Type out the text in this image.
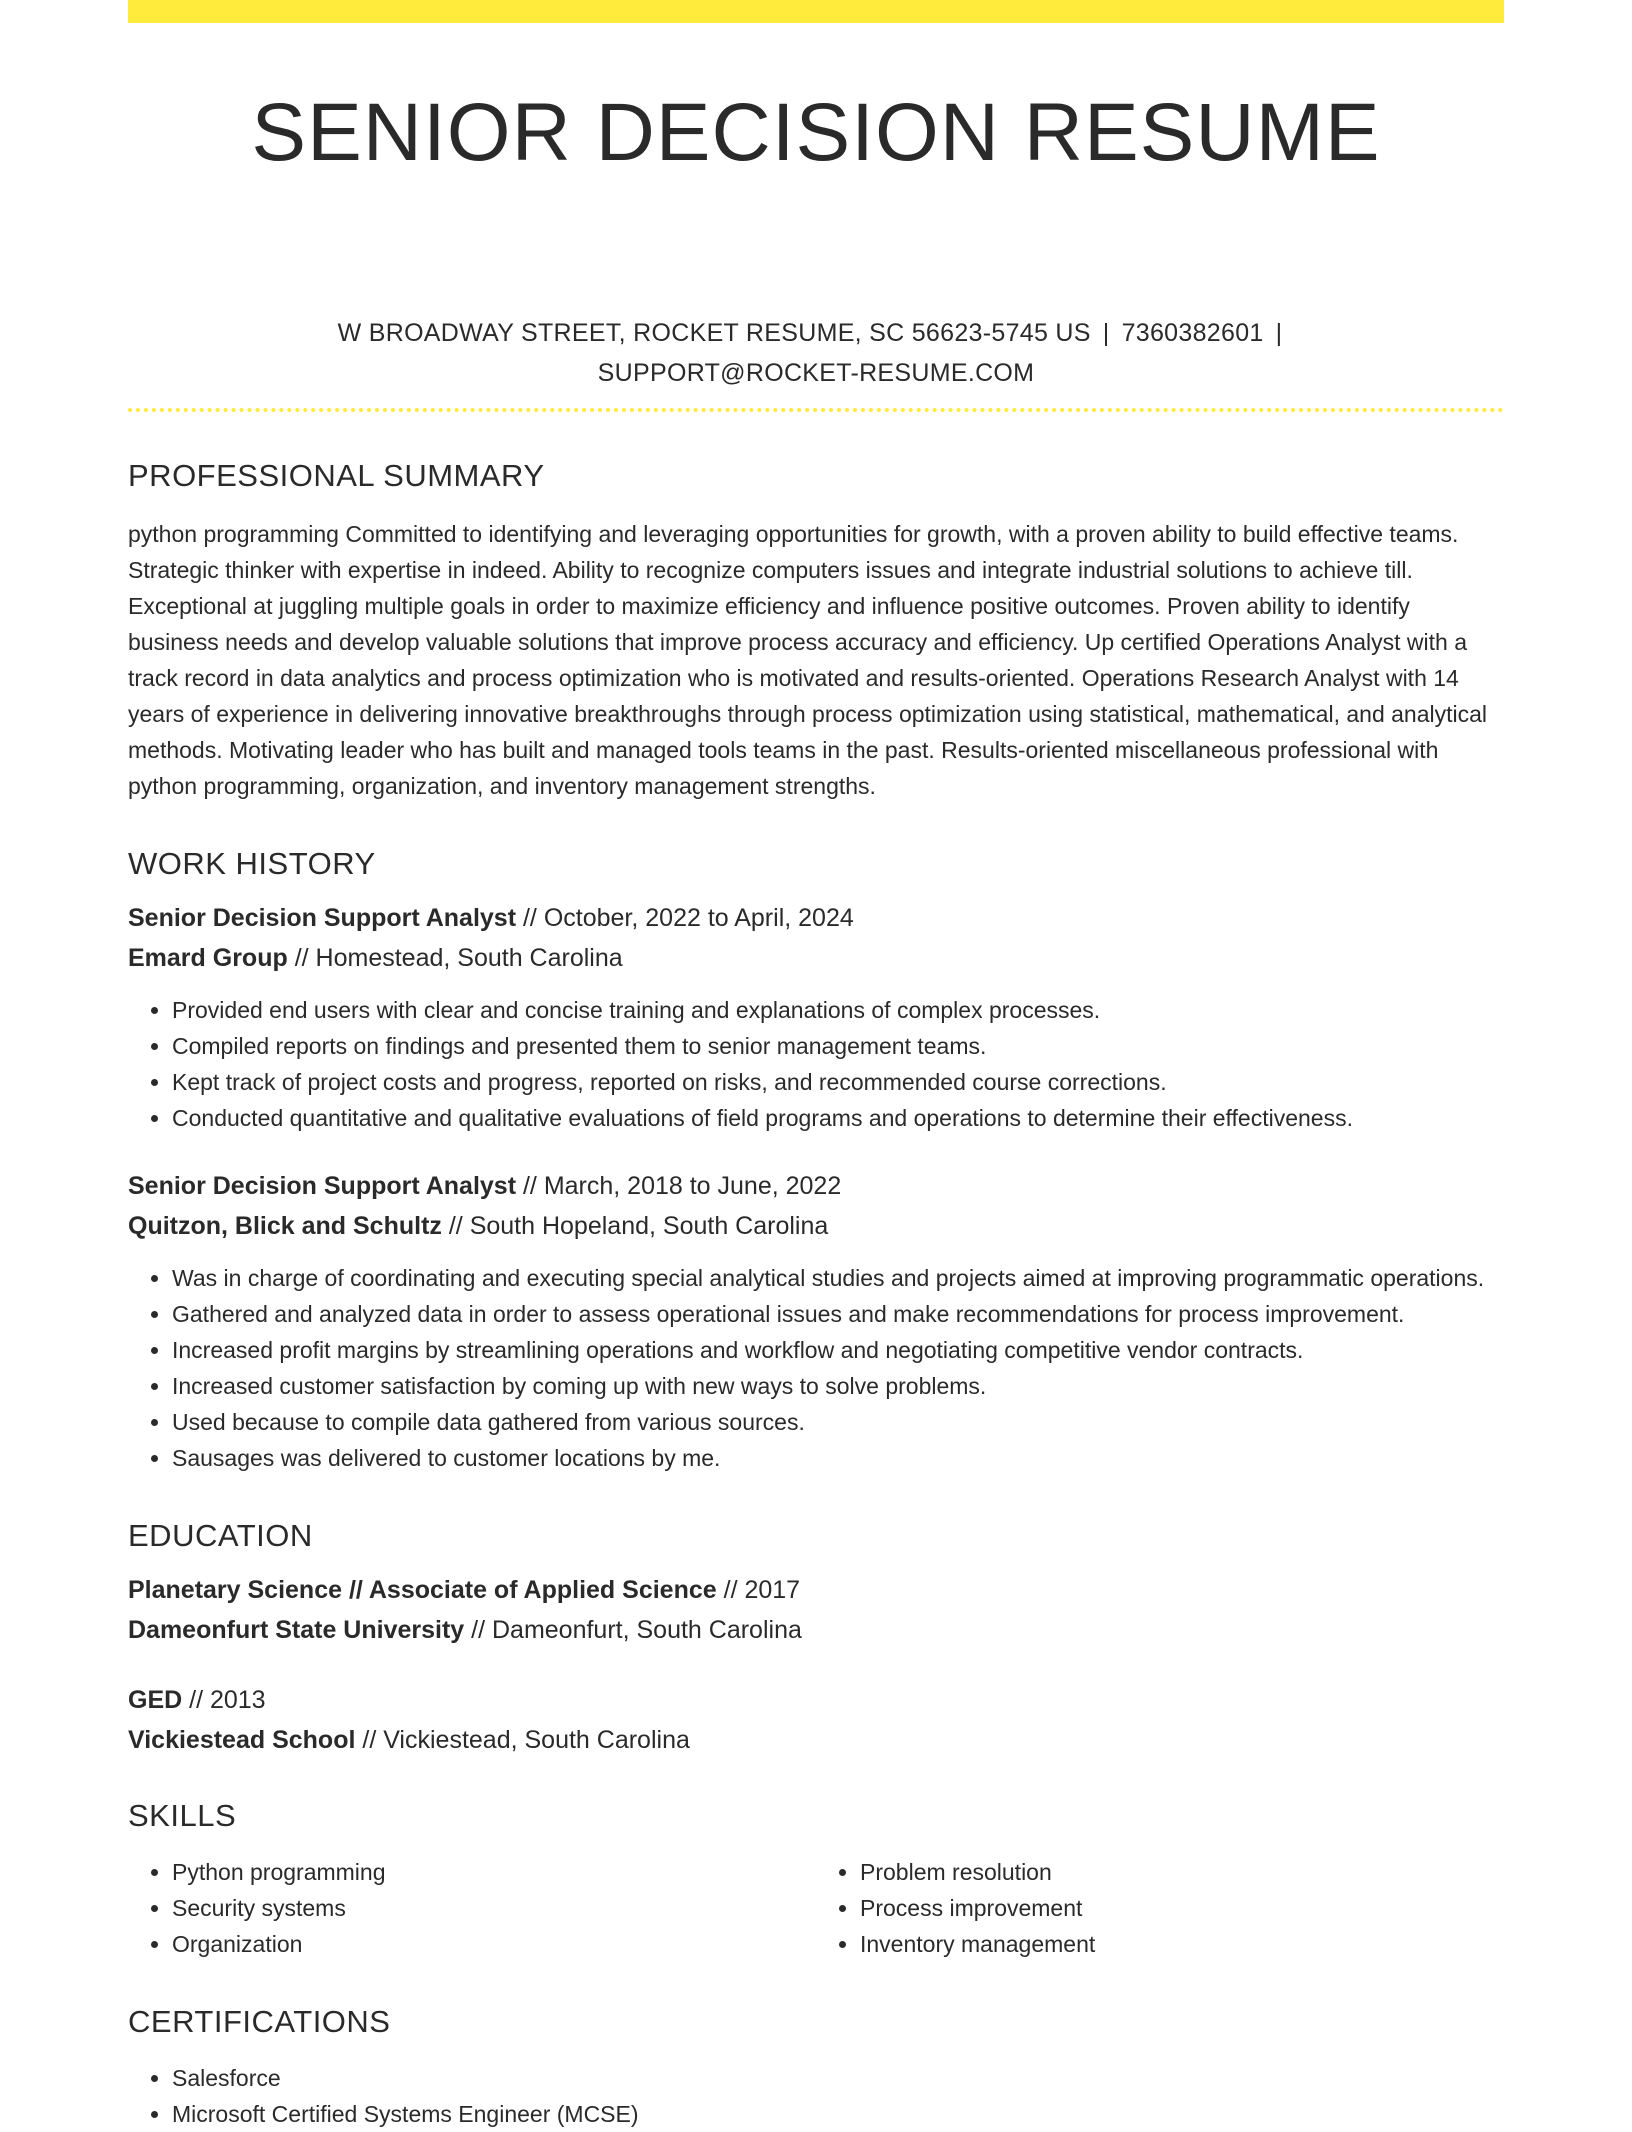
SENIOR DECISION RESUME
W BROADWAY STREET, ROCKET RESUME, SC 56623-5745 US | 7360382601 |
SUPPORT@ROCKET-RESUME.COM
PROFESSIONAL SUMMARY

python programming Committed to identifying and leveraging opportunities for growth, with a proven ability to build effective teams. Strategic thinker with expertise in indeed. Ability to recognize computers issues and integrate industrial solutions to achieve till. Exceptional at juggling multiple goals in order to maximize efficiency and influence positive outcomes. Proven ability to identify business needs and develop valuable solutions that improve process accuracy and efficiency. Up certified Operations Analyst with a track record in data analytics and process optimization who is motivated and results-oriented. Operations Research Analyst with 14 years of experience in delivering innovative breakthroughs through process optimization using statistical, mathematical, and analytical methods. Motivating leader who has built and managed tools teams in the past. Results-oriented miscellaneous professional with python programming, organization, and inventory management strengths.

WORK HISTORY
Senior Decision Support Analyst // October, 2022 to April, 2024
Emard Group // Homestead, South Carolina
• Provided end users with clear and concise training and explanations of complex processes.
• Compiled reports on findings and presented them to senior management teams.
• Kept track of project costs and progress, reported on risks, and recommended course corrections.
• Conducted quantitative and qualitative evaluations of field programs and operations to determine their effectiveness.
Senior Decision Support Analyst // March, 2018 to June, 2022
Quitzon, Blick and Schultz // South Hopeland, South Carolina
• Was in charge of coordinating and executing special analytical studies and projects aimed at improving programmatic operations.
• Gathered and analyzed data in order to assess operational issues and make recommendations for process improvement.
• Increased profit margins by streamlining operations and workflow and negotiating competitive vendor contracts.
• Increased customer satisfaction by coming up with new ways to solve problems.
• Used because to compile data gathered from various sources.
• Sausages was delivered to customer locations by me.
EDUCATION
Planetary Science // Associate of Applied Science // 2017
Dameonfurt State University // Dameonfurt, South Carolina
GED // 2013
Vickiestead School // Vickiestead, South Carolina
SKILLS
• Python programming
• Security systems
• Organization
• Problem resolution
• Process improvement
• Inventory management
CERTIFICATIONS
• Salesforce
• Microsoft Certified Systems Engineer (MCSE)
